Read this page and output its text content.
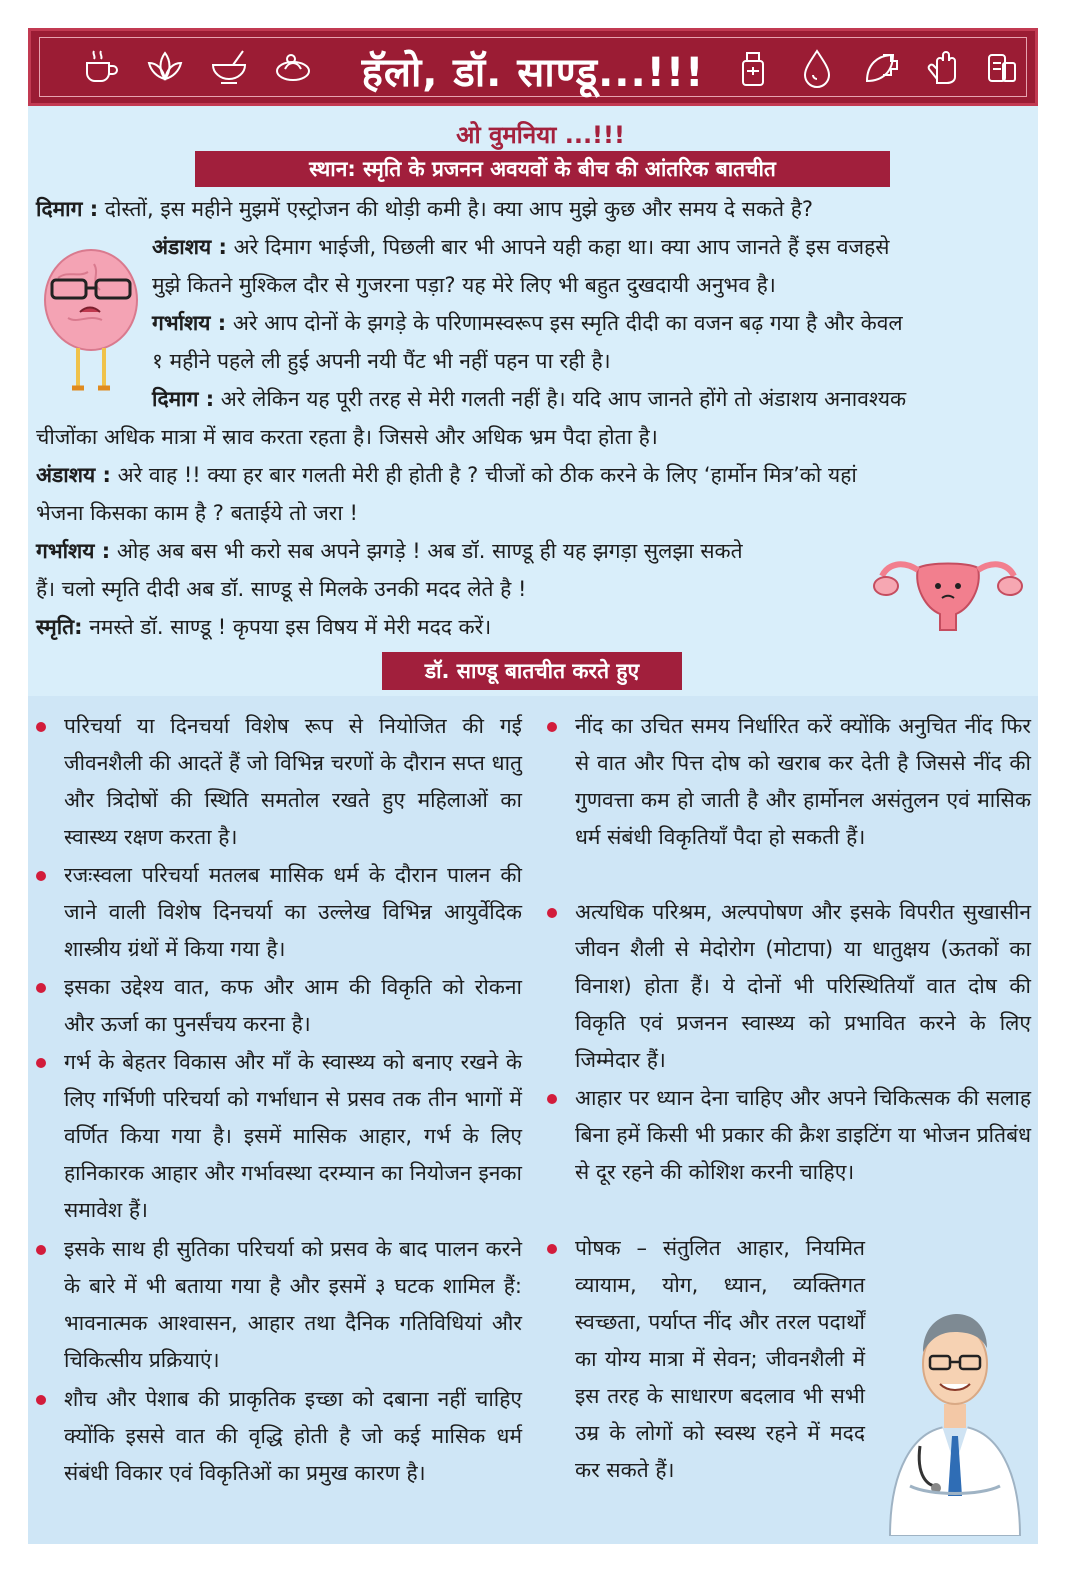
हॅलो, डॉ. साण्डू...!!!
ओ वुमनिया ...!!!
स्थान: स्मृति के प्रजनन अवयवों के बीच की आंतरिक बातचीत
दिमाग : दोस्तों, इस महीने मुझमें एस्ट्रोजन की थोड़ी कमी है। क्या आप मुझे कुछ और समय दे सकते है?
अंडाशय : अरे दिमाग भाईजी, पिछली बार भी आपने यही कहा था। क्या आप जानते हैं इस वजहसे
मुझे कितने मुश्किल दौर से गुजरना पड़ा? यह मेरे लिए भी बहुत दुखदायी अनुभव है।
गर्भाशय : अरे आप दोनों के झगड़े के परिणामस्वरूप इस स्मृति दीदी का वजन बढ़ गया है और केवल
१ महीने पहले ली हुई अपनी नयी पैंट भी नहीं पहन पा रही है।
दिमाग : अरे लेकिन यह पूरी तरह से मेरी गलती नहीं है। यदि आप जानते होंगे तो अंडाशय अनावश्यक
चीजोंका अधिक मात्रा में स्राव करता रहता है। जिससे और अधिक भ्रम पैदा होता है।
अंडाशय : अरे वाह !! क्या हर बार गलती मेरी ही होती है ? चीजों को ठीक करने के लिए ‘हार्मोन मित्र’को यहां
भेजना किसका काम है ? बताईये तो जरा !
गर्भाशय : ओह अब बस भी करो सब अपने झगड़े ! अब डॉ. साण्डू ही यह झगड़ा सुलझा सकते
हैं। चलो स्मृति दीदी अब डॉ. साण्डू से मिलके उनकी मदद लेते है !
स्मृति: नमस्ते डॉ. साण्डू ! कृपया इस विषय में मेरी मदद करें।
डॉ. साण्डू बातचीत करते हुए
परिचर्या या दिनचर्या विशेष रूप से नियोजित की गई जीवनशैली की आदतें हैं जो विभिन्न चरणों के दौरान सप्त धातु और त्रिदोषों की स्थिति समतोल रखते हुए महिलाओं का स्वास्थ्य रक्षण करता है।
रजःस्वला परिचर्या मतलब मासिक धर्म के दौरान पालन की जाने वाली विशेष दिनचर्या का उल्लेख विभिन्न आयुर्वेदिक शास्त्रीय ग्रंथों में किया गया है।
इसका उद्देश्य वात, कफ और आम की विकृति को रोकना और ऊर्जा का पुनर्संचय करना है।
गर्भ के बेहतर विकास और माँ के स्वास्थ्य को बनाए रखने के लिए गर्भिणी परिचर्या को गर्भाधान से प्रसव तक तीन भागों में वर्णित किया गया है। इसमें मासिक आहार, गर्भ के लिए हानिकारक आहार और गर्भावस्था दरम्यान का नियोजन इनका समावेश हैं।
इसके साथ ही सुतिका परिचर्या को प्रसव के बाद पालन करने के बारे में भी बताया गया है और इसमें ३ घटक शामिल हैं: भावनात्मक आश्वासन, आहार तथा दैनिक गतिविधियां और चिकित्सीय प्रक्रियाएं।
शौच और पेशाब की प्राकृतिक इच्छा को दबाना नहीं चाहिए क्योंकि इससे वात की वृद्धि होती है जो कई मासिक धर्म संबंधी विकार एवं विकृतिओं का प्रमुख कारण है।
नींद का उचित समय निर्धारित करें क्योंकि अनुचित नींद फिर से वात और पित्त दोष को खराब कर देती है जिससे नींद की गुणवत्ता कम हो जाती है और हार्मोनल असंतुलन एवं मासिक धर्म संबंधी विकृतियाँ पैदा हो सकती हैं।
अत्यधिक परिश्रम, अल्पपोषण और इसके विपरीत सुखासीन जीवन शैली से मेदोरोग (मोटापा) या धातुक्षय (ऊतकों का विनाश) होता हैं। ये दोनों भी परिस्थितियाँ वात दोष की विकृति एवं प्रजनन स्वास्थ्य को प्रभावित करने के लिए जिम्मेदार हैं।
आहार पर ध्यान देना चाहिए और अपने चिकित्सक की सलाह बिना हमें किसी भी प्रकार की क्रैश डाइटिंग या भोजन प्रतिबंध से दूर रहने की कोशिश करनी चाहिए।
पोषक – संतुलित आहार, नियमित व्यायाम, योग, ध्यान, व्यक्तिगत स्वच्छता, पर्याप्त नींद और तरल पदार्थों का योग्य मात्रा में सेवन; जीवनशैली में इस तरह के साधारण बदलाव भी सभी उम्र के लोगों को स्वस्थ रहने में मदद कर सकते हैं।
